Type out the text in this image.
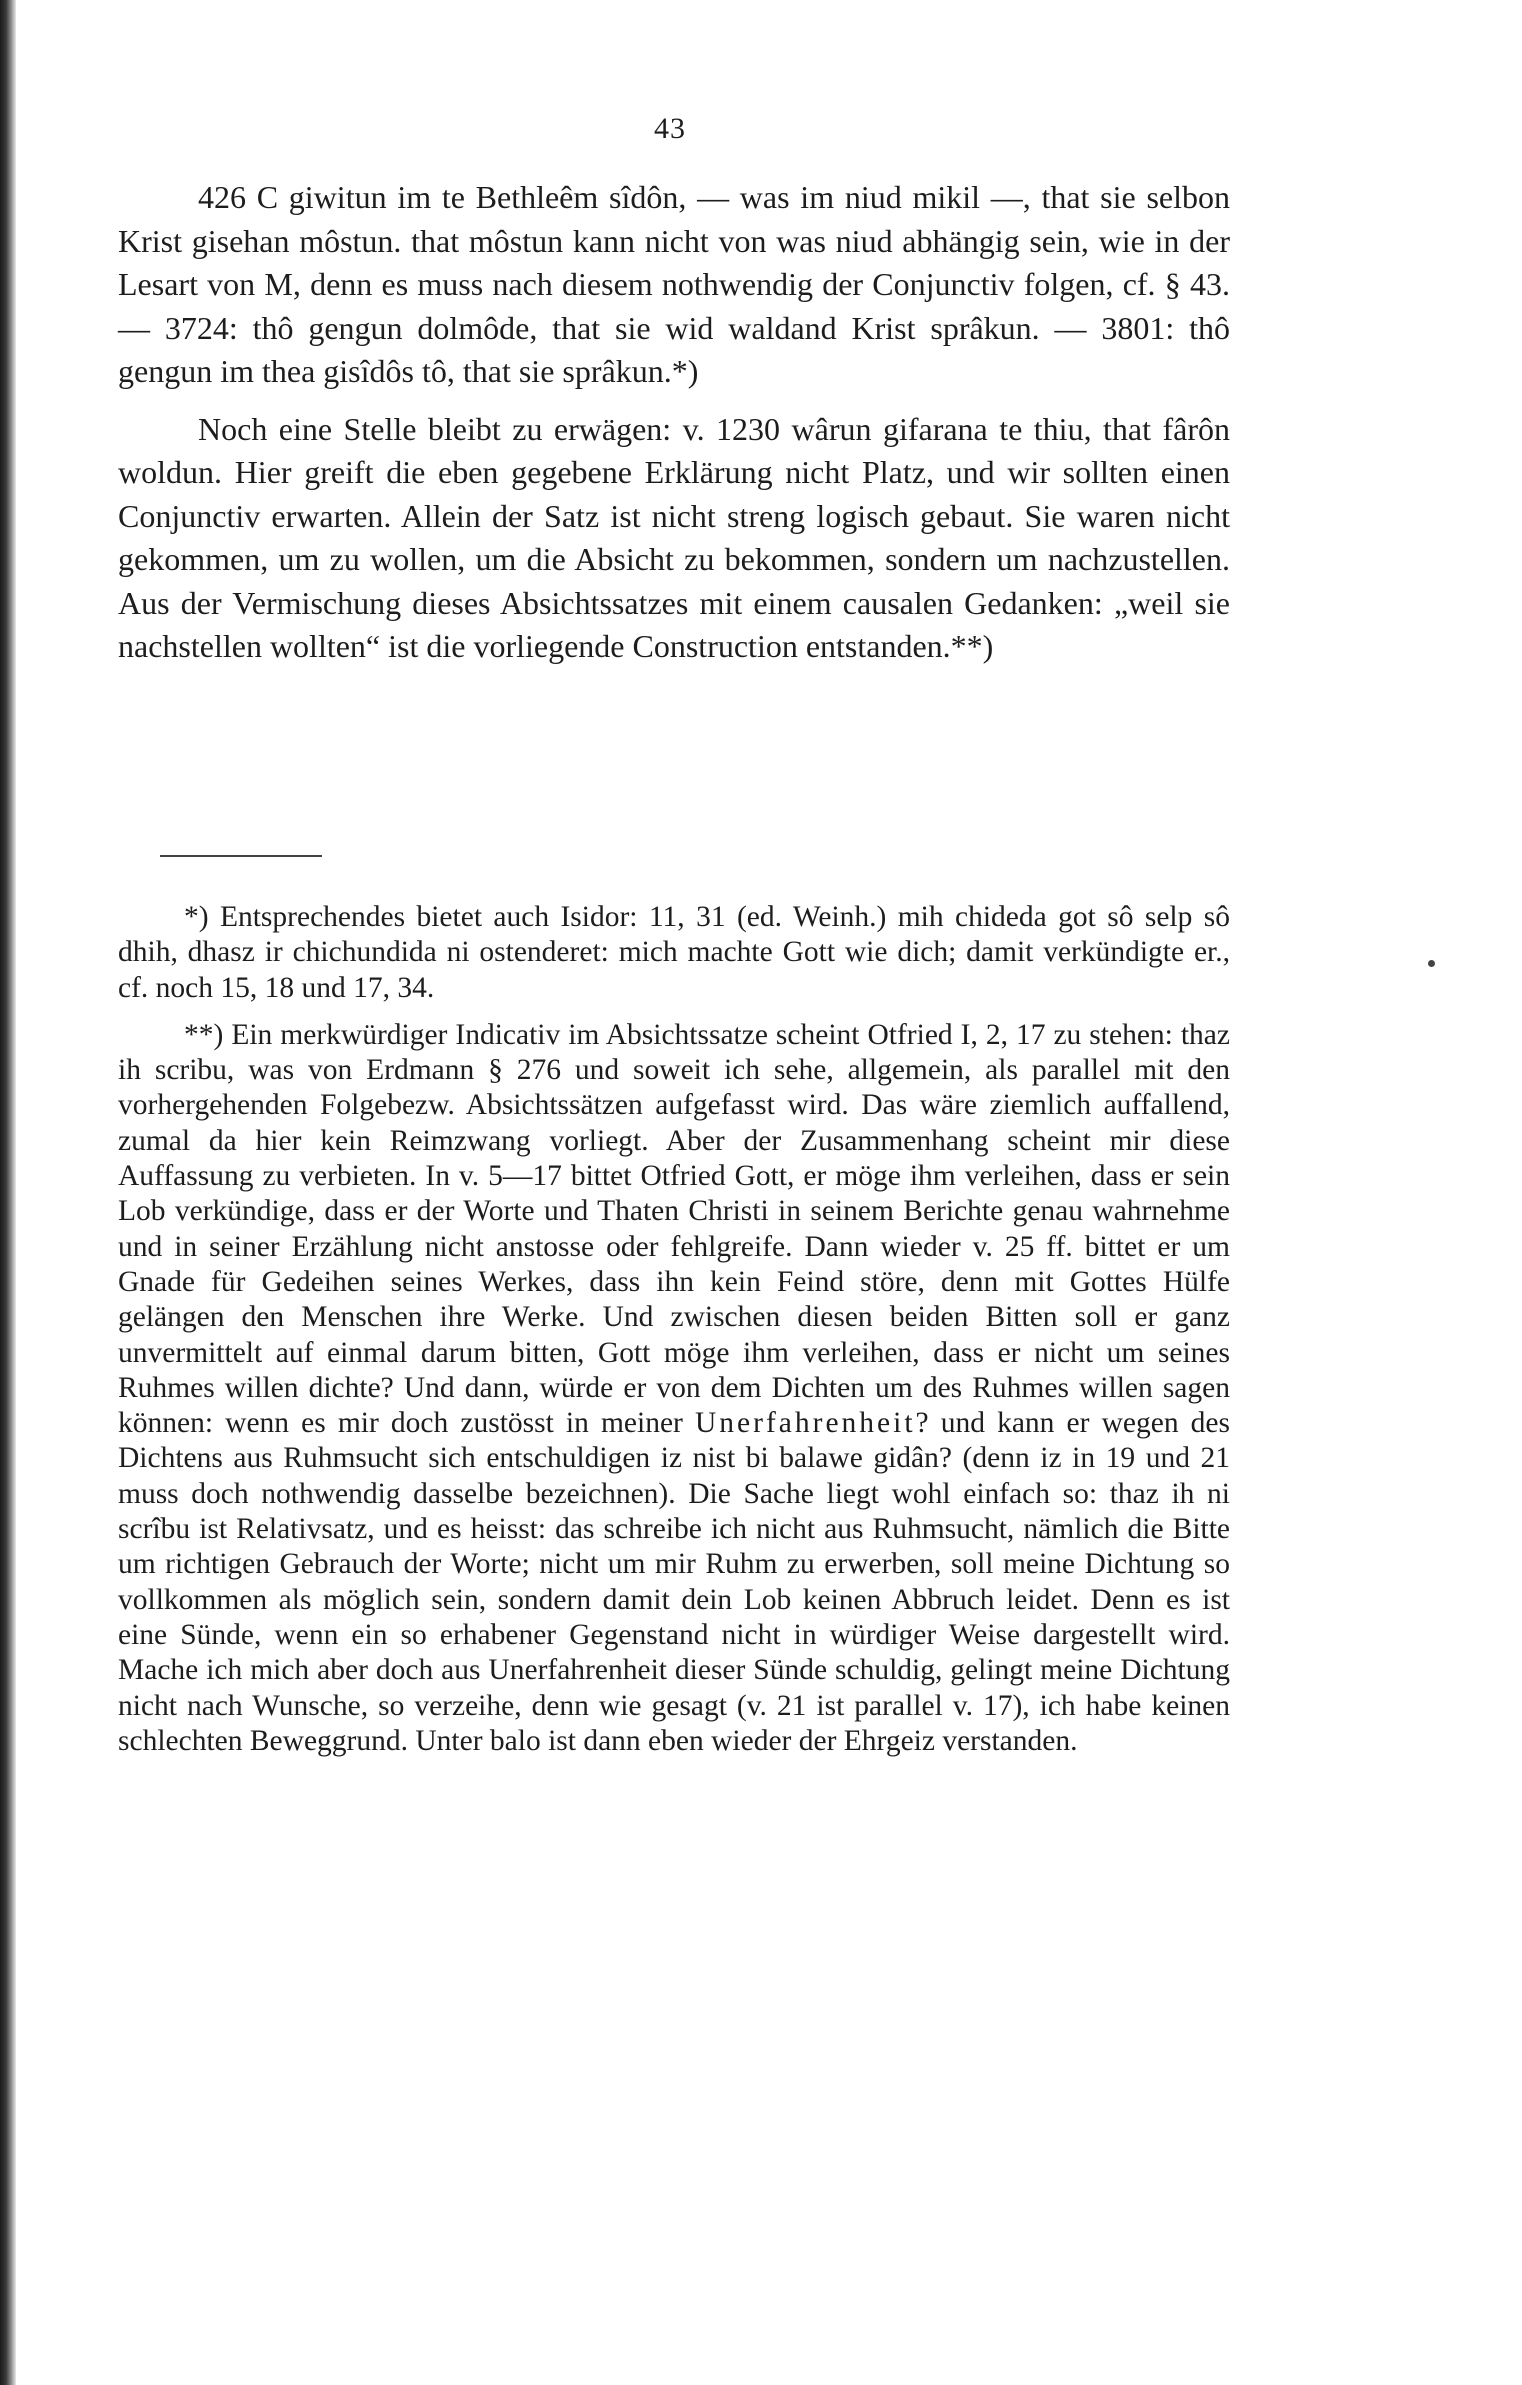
43

426 C giwitun im te Bethleêm sîdôn, — was im niud mikil —, that sie selbon Krist gisehan môstun. that môstun kann nicht von was niud abhängig sein, wie in der Lesart von M, denn es muss nach diesem nothwendig der Conjunctiv folgen, cf. § 43. — 3724: thô gengun dolmôde, that sie wid waldand Krist sprâkun. — 3801: thô gengun im thea gisîdôs tô, that sie sprâkun.*)

Noch eine Stelle bleibt zu erwägen: v. 1230 wârun gifarana te thiu, that fârôn woldun. Hier greift die eben gegebene Erklärung nicht Platz, und wir sollten einen Conjunctiv erwarten. Allein der Satz ist nicht streng logisch gebaut. Sie waren nicht gekommen, um zu wollen, um die Absicht zu bekommen, sondern um nachzustellen. Aus der Vermischung dieses Absichtssatzes mit einem causalen Gedanken: „weil sie nachstellen wollten“ ist die vorliegende Construction entstanden.**)

*) Entsprechendes bietet auch Isidor: 11, 31 (ed. Weinh.) mih chideda got sô selp sô dhih, dhasz ir chichundida ni ostenderet: mich machte Gott wie dich; damit verkündigte er., cf. noch 15, 18 und 17, 34.

**) Ein merkwürdiger Indicativ im Absichtssatze scheint Otfried I, 2, 17 zu stehen: thaz ih scribu, was von Erdmann § 276 und soweit ich sehe, allgemein, als parallel mit den vorhergehenden Folgebezw. Absichtssätzen aufgefasst wird. Das wäre ziemlich auffallend, zumal da hier kein Reimzwang vorliegt. Aber der Zusammenhang scheint mir diese Auffassung zu verbieten. In v. 5—17 bittet Otfried Gott, er möge ihm verleihen, dass er sein Lob verkündige, dass er der Worte und Thaten Christi in seinem Berichte genau wahrnehme und in seiner Erzählung nicht anstosse oder fehlgreife. Dann wieder v. 25 ff. bittet er um Gnade für Gedeihen seines Werkes, dass ihn kein Feind störe, denn mit Gottes Hülfe gelängen den Menschen ihre Werke. Und zwischen diesen beiden Bitten soll er ganz unvermittelt auf einmal darum bitten, Gott möge ihm verleihen, dass er nicht um seines Ruhmes willen dichte? Und dann, würde er von dem Dichten um des Ruhmes willen sagen können: wenn es mir doch zustösst in meiner Unerfahrenheit? und kann er wegen des Dichtens aus Ruhmsucht sich entschuldigen iz nist bi balawe gidân? (denn iz in 19 und 21 muss doch nothwendig dasselbe bezeichnen). Die Sache liegt wohl einfach so: thaz ih ni scrîbu ist Relativsatz, und es heisst: das schreibe ich nicht aus Ruhmsucht, nämlich die Bitte um richtigen Gebrauch der Worte; nicht um mir Ruhm zu erwerben, soll meine Dichtung so vollkommen als möglich sein, sondern damit dein Lob keinen Abbruch leidet. Denn es ist eine Sünde, wenn ein so erhabener Gegenstand nicht in würdiger Weise dargestellt wird. Mache ich mich aber doch aus Unerfahrenheit dieser Sünde schuldig, gelingt meine Dichtung nicht nach Wunsche, so verzeihe, denn wie gesagt (v. 21 ist parallel v. 17), ich habe keinen schlechten Beweggrund. Unter balo ist dann eben wieder der Ehrgeiz verstanden.
